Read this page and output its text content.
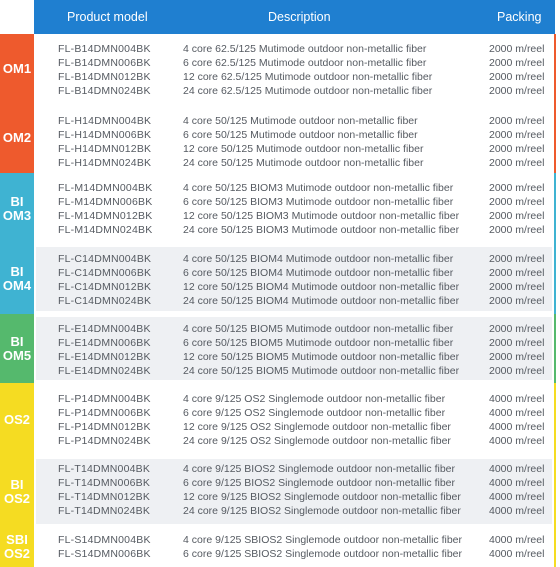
Product model	Description	Packing
OM1
FL-B14DMN004BK	4 core 62.5/125 Mutimode outdoor non-metallic fiber	2000 m/reel
FL-B14DMN006BK	6 core 62.5/125 Mutimode outdoor non-metallic fiber	2000 m/reel
FL-B14DMN012BK	12 core 62.5/125 Mutimode outdoor non-metallic fiber	2000 m/reel
FL-B14DMN024BK	24 core 62.5/125 Mutimode outdoor non-metallic fiber	2000 m/reel
OM2
FL-H14DMN004BK	4 core 50/125 Mutimode outdoor non-metallic fiber	2000 m/reel
FL-H14DMN006BK	6 core 50/125 Mutimode outdoor non-metallic fiber	2000 m/reel
FL-H14DMN012BK	12 core 50/125 Mutimode outdoor non-metallic fiber	2000 m/reel
FL-H14DMN024BK	24 core 50/125 Mutimode outdoor non-metallic fiber	2000 m/reel
BI
OM3
FL-M14DMN004BK	4 core 50/125 BIOM3 Mutimode outdoor non-metallic fiber	2000 m/reel
FL-M14DMN006BK	6 core 50/125 BIOM3 Mutimode outdoor non-metallic fiber	2000 m/reel
FL-M14DMN012BK	12 core 50/125 BIOM3 Mutimode outdoor non-metallic fiber	2000 m/reel
FL-M14DMN024BK	24 core 50/125 BIOM3 Mutimode outdoor non-metallic fiber	2000 m/reel
BI
OM4
FL-C14DMN004BK	4 core 50/125 BIOM4 Mutimode outdoor non-metallic fiber	2000 m/reel
FL-C14DMN006BK	6 core 50/125 BIOM4 Mutimode outdoor non-metallic fiber	2000 m/reel
FL-C14DMN012BK	12 core 50/125 BIOM4 Mutimode outdoor non-metallic fiber	2000 m/reel
FL-C14DMN024BK	24 core 50/125 BIOM4 Mutimode outdoor non-metallic fiber	2000 m/reel
BI
OM5
FL-E14DMN004BK	4 core 50/125 BIOM5 Mutimode outdoor non-metallic fiber	2000 m/reel
FL-E14DMN006BK	6 core 50/125 BIOM5 Mutimode outdoor non-metallic fiber	2000 m/reel
FL-E14DMN012BK	12 core 50/125 BIOM5 Mutimode outdoor non-metallic fiber	2000 m/reel
FL-E14DMN024BK	24 core 50/125 BIOM5 Mutimode outdoor non-metallic fiber	2000 m/reel
OS2
FL-P14DMN004BK	4 core 9/125 OS2 Singlemode outdoor non-metallic fiber	4000 m/reel
FL-P14DMN006BK	6 core 9/125 OS2 Singlemode outdoor non-metallic fiber	4000 m/reel
FL-P14DMN012BK	12 core 9/125 OS2 Singlemode outdoor non-metallic fiber	4000 m/reel
FL-P14DMN024BK	24 core 9/125 OS2 Singlemode outdoor non-metallic fiber	4000 m/reel
BI
OS2
FL-T14DMN004BK	4 core 9/125 BIOS2 Singlemode outdoor non-metallic fiber	4000 m/reel
FL-T14DMN006BK	6 core 9/125 BIOS2 Singlemode outdoor non-metallic fiber	4000 m/reel
FL-T14DMN012BK	12 core 9/125 BIOS2 Singlemode outdoor non-metallic fiber	4000 m/reel
FL-T14DMN024BK	24 core 9/125 BIOS2 Singlemode outdoor non-metallic fiber	4000 m/reel
SBI
OS2
FL-S14DMN004BK	4 core 9/125 SBIOS2 Singlemode outdoor non-metallic fiber	4000 m/reel
FL-S14DMN006BK	6 core 9/125 SBIOS2 Singlemode outdoor non-metallic fiber	4000 m/reel
